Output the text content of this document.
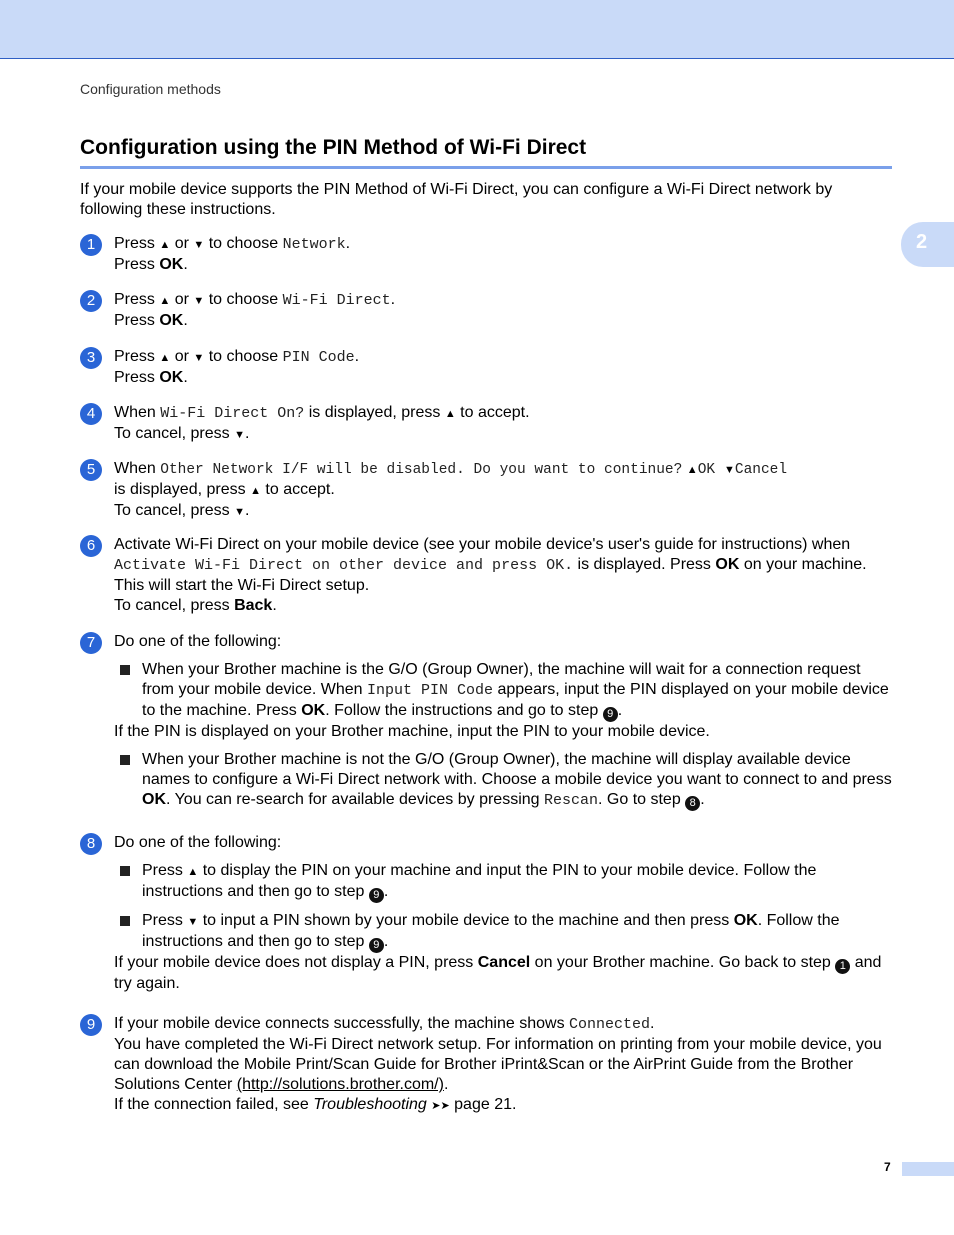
Configuration methods
Configuration using the PIN Method of Wi-Fi Direct
2

If your mobile device supports the PIN Method of Wi-Fi Direct, you can configure a Wi-Fi Direct network by following these instructions.

1	Press ▲ or ▼ to choose Network.

Press OK.

2	Press ▲ or ▼ to choose Wi-Fi Direct.

Press OK.

3	Press ▲ or ▼ to choose PIN Code.

Press OK.

4	When Wi-Fi Direct On? is displayed, press ▲ to accept.

To cancel, press ▼.

5	When Other Network I/F will be disabled. Do you want to continue? ▲OK ▼Cancel

is displayed, press ▲ to accept.

To cancel, press ▼.

6	Activate Wi-Fi Direct on your mobile device (see your mobile device's user's guide for instructions) when Activate Wi-Fi Direct on other device and press OK. is displayed. Press OK on your machine. This will start the Wi-Fi Direct setup.

To cancel, press Back.

7	Do one of the following:

When your Brother machine is the G/O (Group Owner), the machine will wait for a connection request from your mobile device. When Input PIN Code appears, input the PIN displayed on your mobile device to the machine. Press OK. Follow the instructions and go to step 9 .

If the PIN is displayed on your Brother machine, input the PIN to your mobile device.

When your Brother machine is not the G/O (Group Owner), the machine will display available device names to configure a Wi-Fi Direct network with. Choose a mobile device you want to connect to and press OK. You can re-search for available devices by pressing Rescan. Go to step 8 .
8	Do one of the following:

Press ▲ to display the PIN on your machine and input the PIN to your mobile device. Follow the instructions and then go to step 9 .
Press ▼ to input a PIN shown by your mobile device to the machine and then press OK. Follow the instructions and then go to step 9 .

If your mobile device does not display a PIN, press Cancel on your Brother machine. Go back to step 1 and try again.

9	If your mobile device connects successfully, the machine shows Connected.

You have completed the Wi-Fi Direct network setup. For information on printing from your mobile device, you can download the Mobile Print/Scan Guide for Brother iPrint&Scan or the AirPrint Guide from the Brother Solutions Center (http://solutions.brother.com/).

If the connection failed, see Troubleshooting ➤➤ page 21.

7
